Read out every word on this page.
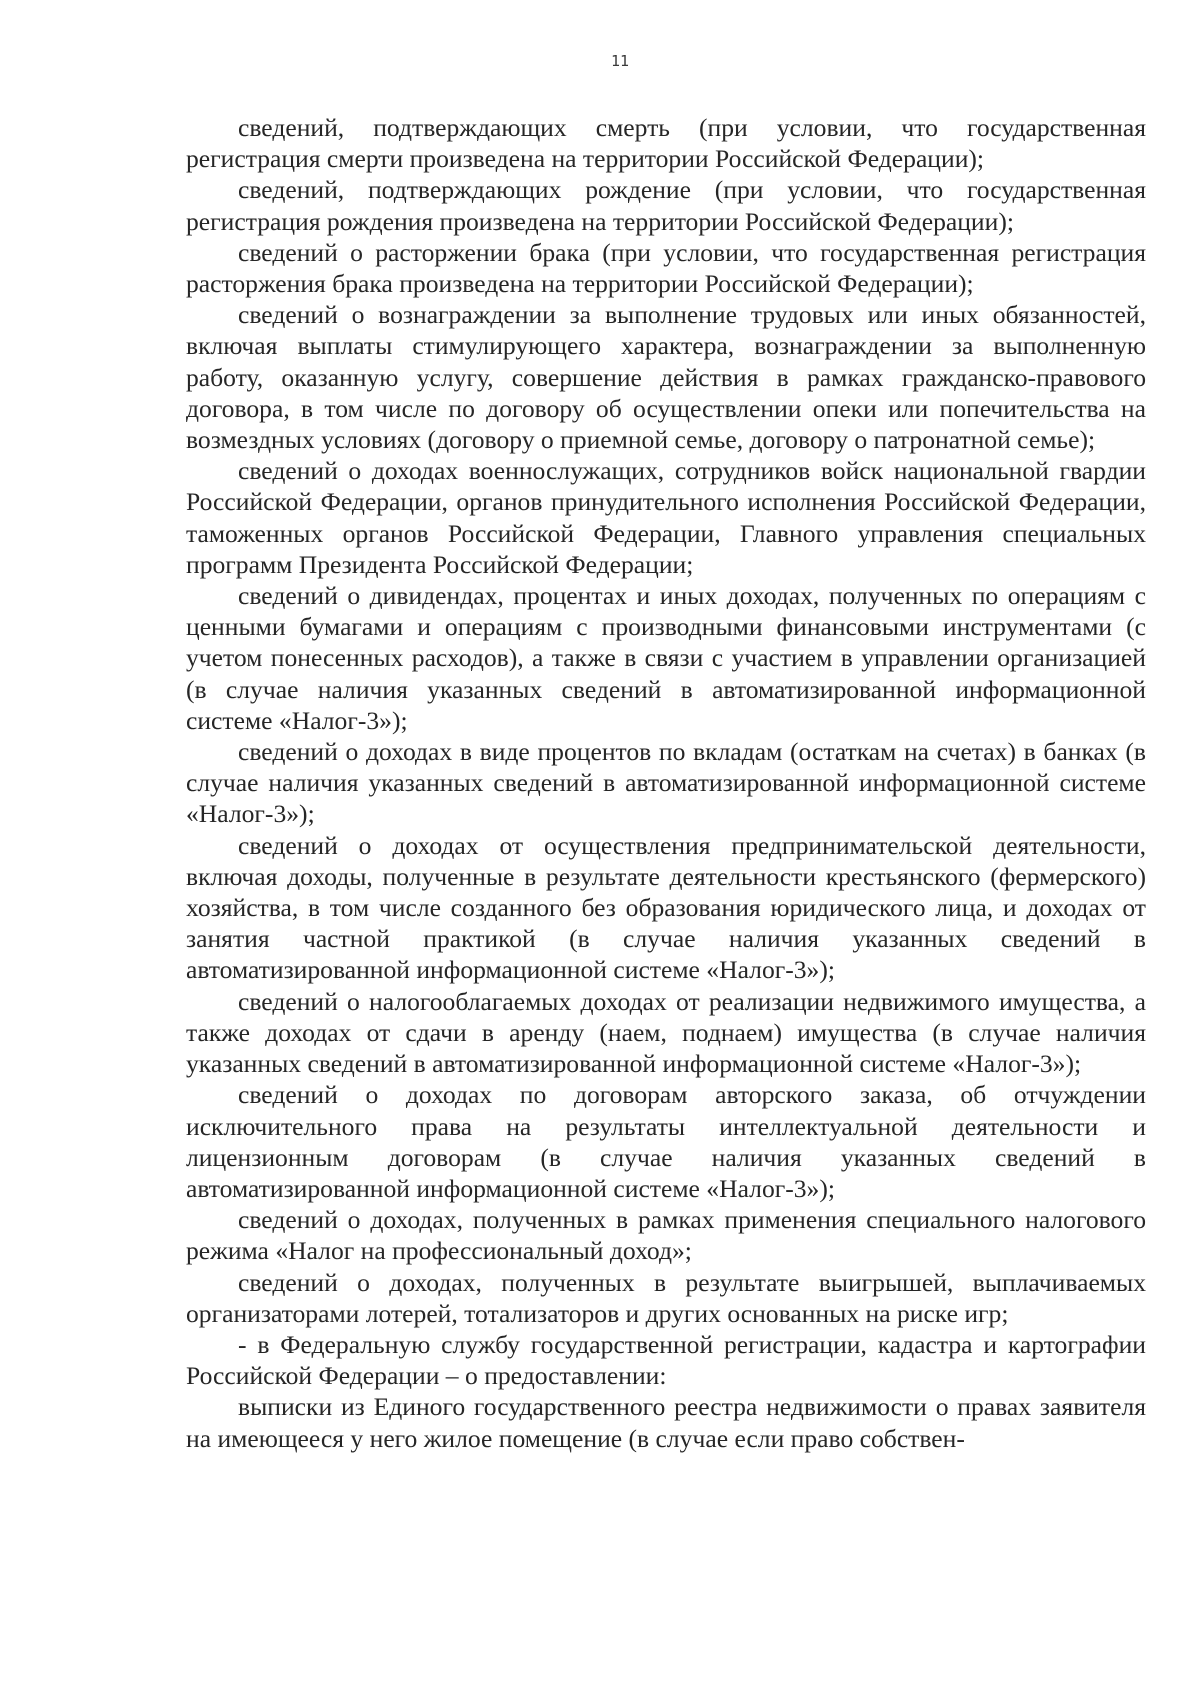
11

сведений, подтверждающих смерть (при условии, что государственная регистрация смерти произведена на территории Российской Федерации);

сведений, подтверждающих рождение (при условии, что государственная регистрация рождения произведена на территории Российской Федерации);

сведений о расторжении брака (при условии, что государственная регистрация расторжения брака произведена на территории Российской Федерации);

сведений о вознаграждении за выполнение трудовых или иных обязанностей, включая выплаты стимулирующего характера, вознаграждении за выполненную работу, оказанную услугу, совершение действия в рамках гражданско-правового договора, в том числе по договору об осуществлении опеки или попечительства на возмездных условиях (договору о приемной семье, договору о патронатной семье);

сведений о доходах военнослужащих, сотрудников войск национальной гвардии Российской Федерации, органов принудительного исполнения Российской Федерации, таможенных органов Российской Федерации, Главного управления специальных программ Президента Российской Федерации;

сведений о дивидендах, процентах и иных доходах, полученных по операциям с ценными бумагами и операциям с производными финансовыми инструментами (с учетом понесенных расходов), а также в связи с участием в управлении организацией (в случае наличия указанных сведений в автоматизированной информационной системе «Налог-3»);

сведений о доходах в виде процентов по вкладам (остаткам на счетах) в банках (в случае наличия указанных сведений в автоматизированной информационной системе «Налог-3»);

сведений о доходах от осуществления предпринимательской деятельности, включая доходы, полученные в результате деятельности крестьянского (фермерского) хозяйства, в том числе созданного без образования юридического лица, и доходах от занятия частной практикой (в случае наличия указанных сведений в автоматизированной информационной системе «Налог-3»);

сведений о налогооблагаемых доходах от реализации недвижимого имущества, а также доходах от сдачи в аренду (наем, поднаем) имущества (в случае наличия указанных сведений в автоматизированной информационной системе «Налог-3»);

сведений о доходах по договорам авторского заказа, об отчуждении исключительного права на результаты интеллектуальной деятельности и лицензионным договорам (в случае наличия указанных сведений в автоматизированной информационной системе «Налог-3»);

сведений о доходах, полученных в рамках применения специального налогового режима «Налог на профессиональный доход»;

сведений о доходах, полученных в результате выигрышей, выплачиваемых организаторами лотерей, тотализаторов и других основанных на риске игр;

- в Федеральную службу государственной регистрации, кадастра и картографии Российской Федерации – о предоставлении:

выписки из Единого государственного реестра недвижимости о правах заявителя на имеющееся у него жилое помещение (в случае если право собствен-
